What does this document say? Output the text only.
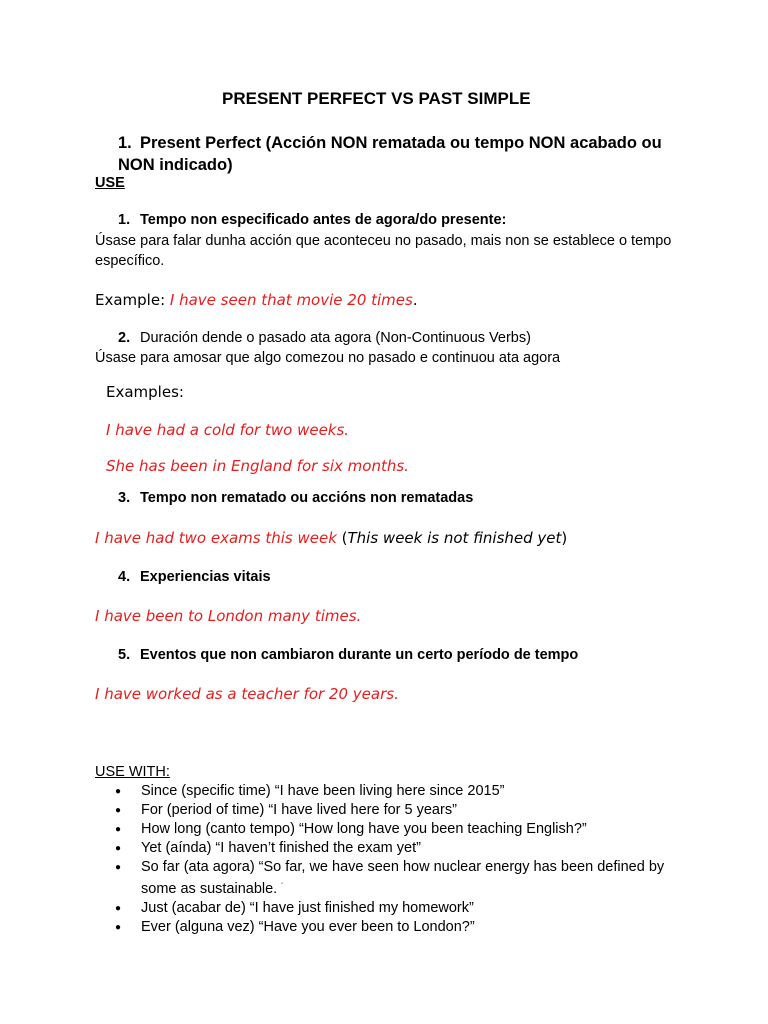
PRESENT PERFECT VS PAST SIMPLE
1. Present Perfect (Acción NON rematada ou tempo NON acabado ou NON indicado)
USE
1. Tempo non especificado antes de agora/do presente:
Úsase para falar dunha acción que aconteceu no pasado, mais non se establece o tempo específico.
Example: I have seen that movie 20 times.
2. Duración dende o pasado ata agora (Non-Continuous Verbs)
Úsase para amosar que algo comezou no pasado e continuou ata agora
Examples:
I have had a cold for two weeks.
She has been in England for six months.
3. Tempo non rematado ou accións non rematadas
I have had two exams this week (This week is not finished yet)
4. Experiencias vitais
I have been to London many times.
5. Eventos que non cambiaron durante un certo período de tempo
I have worked as a teacher for 20 years.
USE WITH:
● Since (specific time) “I have been living here since 2015”
● For (period of time) “I have lived here for 5 years”
● How long (canto tempo) “How long have you been teaching English?”
● Yet (aínda) “I haven’t finished the exam yet”
● So far (ata agora) “So far, we have seen how nuclear energy has been defined by some as sustainable. "
● Just (acabar de) “I have just finished my homework”
● Ever (alguna vez) “Have you ever been to London?”
